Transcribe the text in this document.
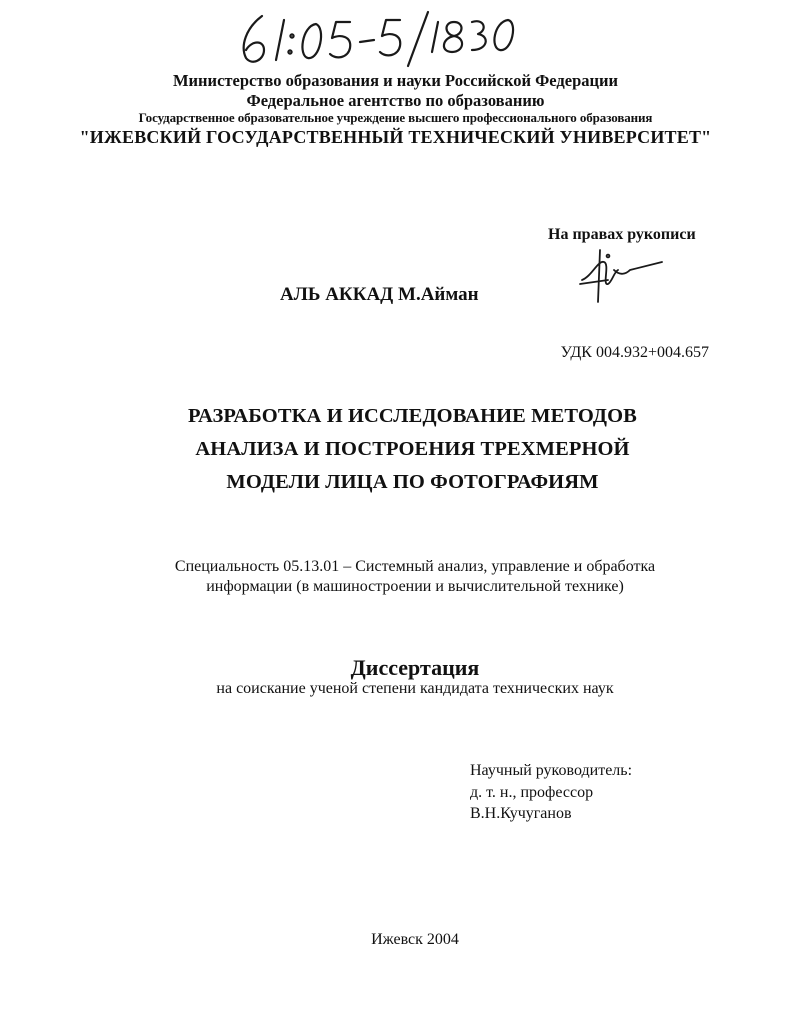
Министерство образования и науки Российской Федерации
Федеральное агентство по образованию
Государственное образовательное учреждение высшего профессионального образования
"ИЖЕВСКИЙ ГОСУДАРСТВЕННЫЙ ТЕХНИЧЕСКИЙ УНИВЕРСИТЕТ"
На правах рукописи
АЛЬ АККАД М.Айман
УДК 004.932+004.657
РАЗРАБОТКА И ИССЛЕДОВАНИЕ МЕТОДОВ
АНАЛИЗА И ПОСТРОЕНИЯ ТРЕХМЕРНОЙ
МОДЕЛИ ЛИЦА ПО ФОТОГРАФИЯМ
Специальность 05.13.01 – Системный анализ, управление и обработка
информации (в машиностроении и вычислительной технике)
Диссертация
на соискание ученой степени кандидата технических наук
Научный руководитель:
д. т. н., профессор
В.Н.Кучуганов
Ижевск 2004
